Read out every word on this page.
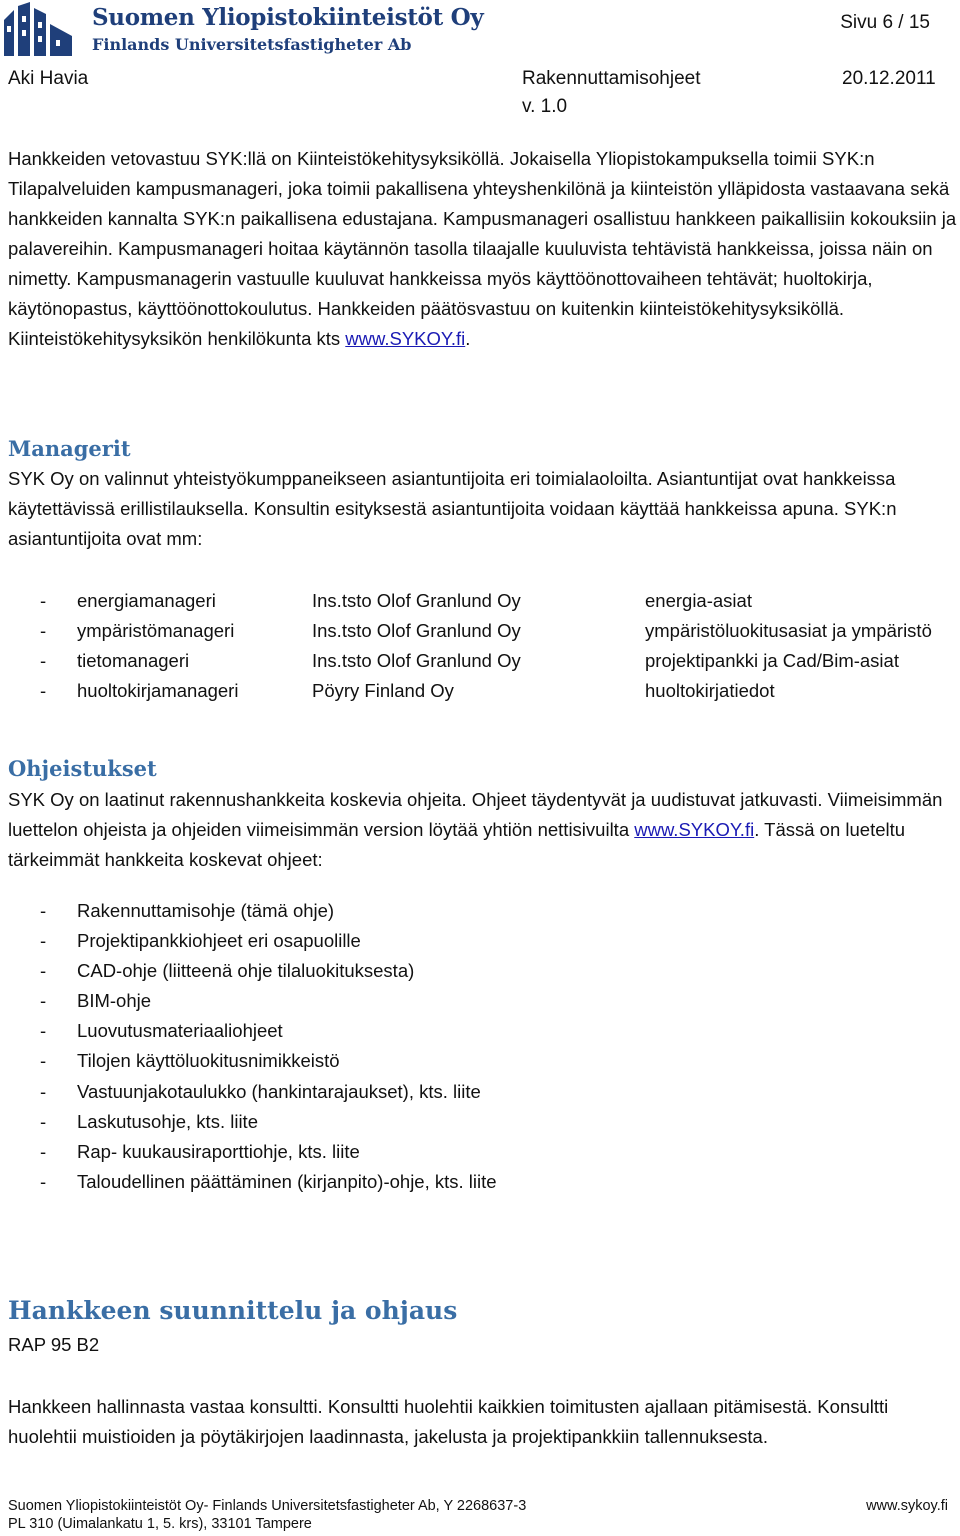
Suomen Yliopistokiinteistöt Oy
Finlands Universitetsfastigheter Ab
Sivu 6 / 15
Aki Havia	Rakennuttamisohjeet	20.12.2011
v. 1.0

Hankkeiden vetovastuu SYK:llä on Kiinteistökehitysyksiköllä. Jokaisella Yliopistokampuksella toimii SYK:n Tilapalveluiden kampusmanageri, joka toimii pakallisena yhteyshenkilönä ja kiinteistön ylläpidosta vastaavana sekä hankkeiden kannalta SYK:n paikallisena edustajana. Kampusmanageri osallistuu hankkeen paikallisiin kokouksiin ja palavereihin. Kampusmanageri hoitaa käytännön tasolla tilaajalle kuuluvista tehtävistä hankkeissa, joissa näin on nimetty. Kampusmanagerin vastuulle kuuluvat hankkeissa myös käyttöönottovaiheen tehtävät; huoltokirja, käytönopastus, käyttöönottokoulutus. Hankkeiden päätösvastuu on kuitenkin kiinteistökehitysyksiköllä. Kiinteistökehitysyksikön henkilökunta kts www.SYKOY.fi.

Managerit

SYK Oy on valinnut yhteistyökumppaneikseen asiantuntijoita eri toimialaoloilta. Asiantuntijat ovat hankkeissa käytettävissä erillistilauksella. Konsultin esityksestä asiantuntijoita voidaan käyttää hankkeissa apuna. SYK:n asiantuntijoita ovat mm:

- energiamanageri	Ins.tsto Olof Granlund Oy	energia-asiat
- ympäristömanageri	Ins.tsto Olof Granlund Oy	ympäristöluokitusasiat ja ympäristö
- tietomanageri	Ins.tsto Olof Granlund Oy	projektipankki ja Cad/Bim-asiat
- huoltokirjamanageri	Pöyry Finland Oy	huoltokirjatiedot
Ohjeistukset

SYK Oy on laatinut rakennushankkeita koskevia ohjeita. Ohjeet täydentyvät ja uudistuvat jatkuvasti. Viimeisimmän luettelon ohjeista ja ohjeiden viimeisimmän version löytää yhtiön nettisivuilta www.SYKOY.fi. Tässä on lueteltu tärkeimmät hankkeita koskevat ohjeet:

- Rakennuttamisohje (tämä ohje)
- Projektipankkiohjeet eri osapuolille
- CAD-ohje (liitteenä ohje tilaluokituksesta)
- BIM-ohje
- Luovutusmateriaaliohjeet
- Tilojen käyttöluokitusnimikkeistö
- Vastuunjakotaulukko (hankintarajaukset), kts. liite
- Laskutusohje, kts. liite
- Rap- kuukausiraporttiohje, kts. liite
- Taloudellinen päättäminen (kirjanpito)-ohje, kts. liite
Hankkeen suunnittelu ja ohjaus
RAP 95 B2

Hankkeen hallinnasta vastaa konsultti. Konsultti huolehtii kaikkien toimitusten ajallaan pitämisestä. Konsultti huolehtii muistioiden ja pöytäkirjojen laadinnasta, jakelusta ja projektipankkiin tallennuksesta.

Suomen Yliopistokiinteistöt Oy- Finlands Universitetsfastigheter Ab, Y 2268637-3
PL 310 (Uimalankatu 1, 5. krs), 33101 Tampere
www.sykoy.fi
